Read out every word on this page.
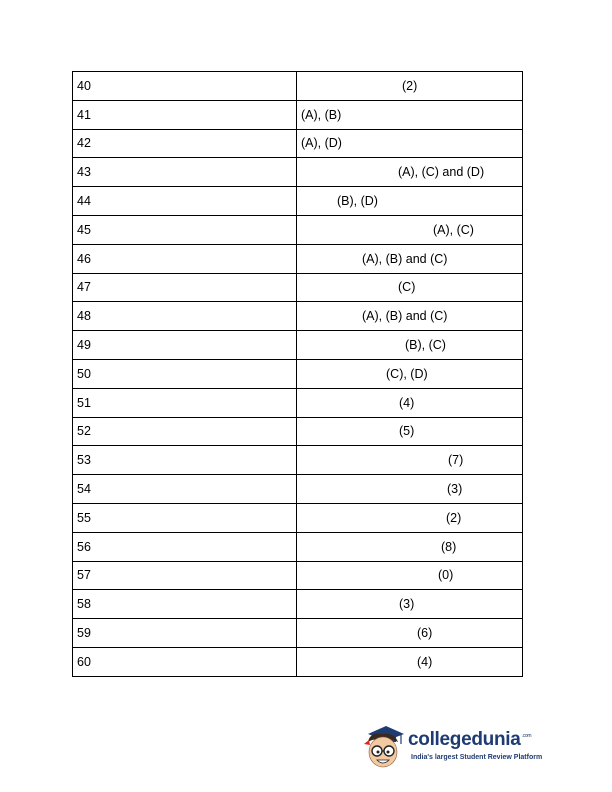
40	(2)
41	(A), (B)
42	(A), (D)
43	(A), (C) and (D)
44	(B), (D)
45	(A), (C)
46	(A), (B) and (C)
47	(C)
48	(A), (B) and (C)
49	(B), (C)
50	(C), (D)
51	(4)
52	(5)
53	(7)
54	(3)
55	(2)
56	(8)
57	(0)
58	(3)
59	(6)
60	(4)
collegedunia$^{.com}$
India's largest Student Review Platform
